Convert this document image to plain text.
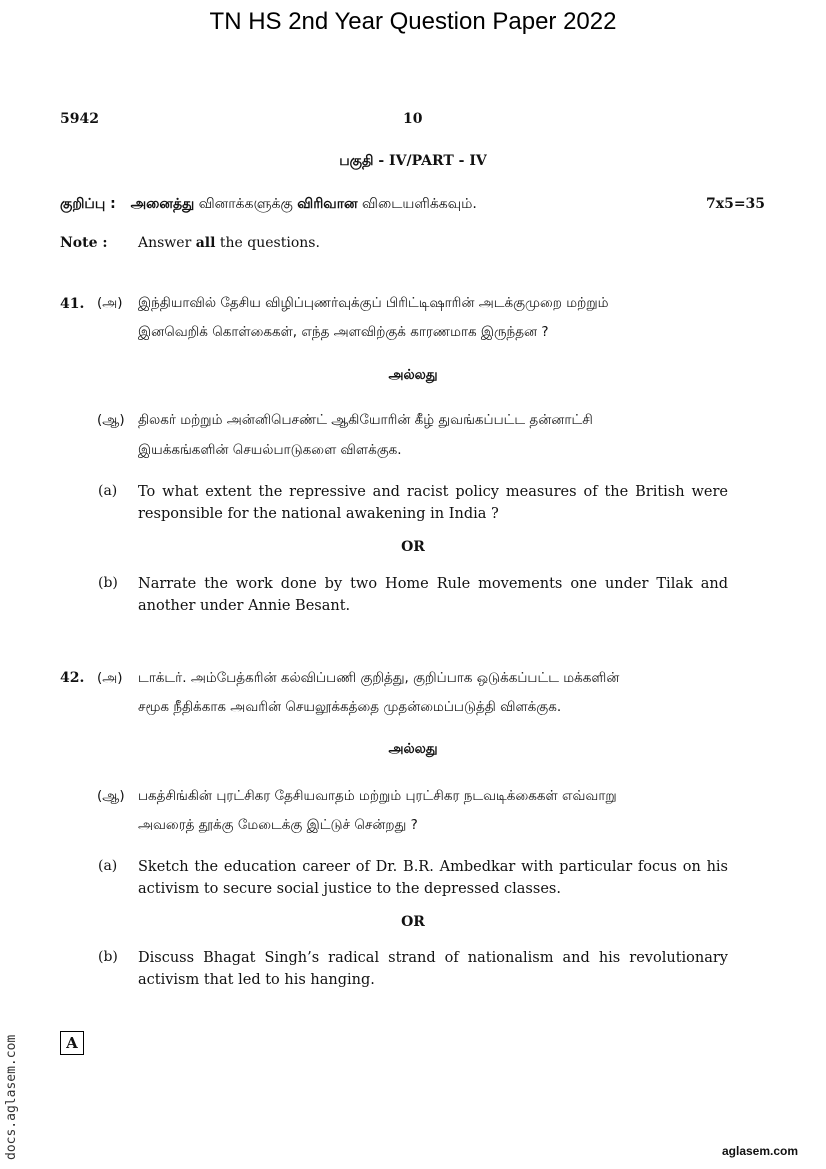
TN HS 2nd Year Question Paper 2022
5942	10
பகுதி - IV/PART - IV
குறிப்பு : அனைத்து வினாக்களுக்கு விரிவான விடையளிக்கவும்.	7x5=35
Note : Answer all the questions.
41. (அ) இந்தியாவில் தேசிய விழிப்புணர்வுக்குப் பிரிட்டிஷாரின் அடக்குமுறை மற்றும்
இனவெறிக் கொள்கைகள், எந்த அளவிற்குக் காரணமாக இருந்தன ?
அல்லது
(ஆ) திலகர் மற்றும் அன்னிபெசண்ட் ஆகியோரின் கீழ் துவங்கப்பட்ட தன்னாட்சி
இயக்கங்களின் செயல்பாடுகளை விளக்குக.
(a) To what extent the repressive and racist policy measures of the British were responsible for the national awakening in India ?
OR
(b) Narrate the work done by two Home Rule movements one under Tilak and another under Annie Besant.
42. (அ) டாக்டர். அம்பேத்கரின் கல்விப்பணி குறித்து, குறிப்பாக ஒடுக்கப்பட்ட மக்களின்
சமூக நீதிக்காக அவரின் செயலூக்கத்தை முதன்மைப்படுத்தி விளக்குக.
அல்லது
(ஆ) பகத்சிங்கின் புரட்சிகர தேசியவாதம் மற்றும் புரட்சிகர நடவடிக்கைகள் எவ்வாறு
அவரைத் தூக்கு மேடைக்கு இட்டுச் சென்றது ?
(a) Sketch the education career of Dr. B.R. Ambedkar with particular focus on his activism to secure social justice to the depressed classes.
OR
(b) Discuss Bhagat Singh’s radical strand of nationalism and his revolutionary activism that led to his hanging.
A
docs.aglasem.com	aglasem.com
